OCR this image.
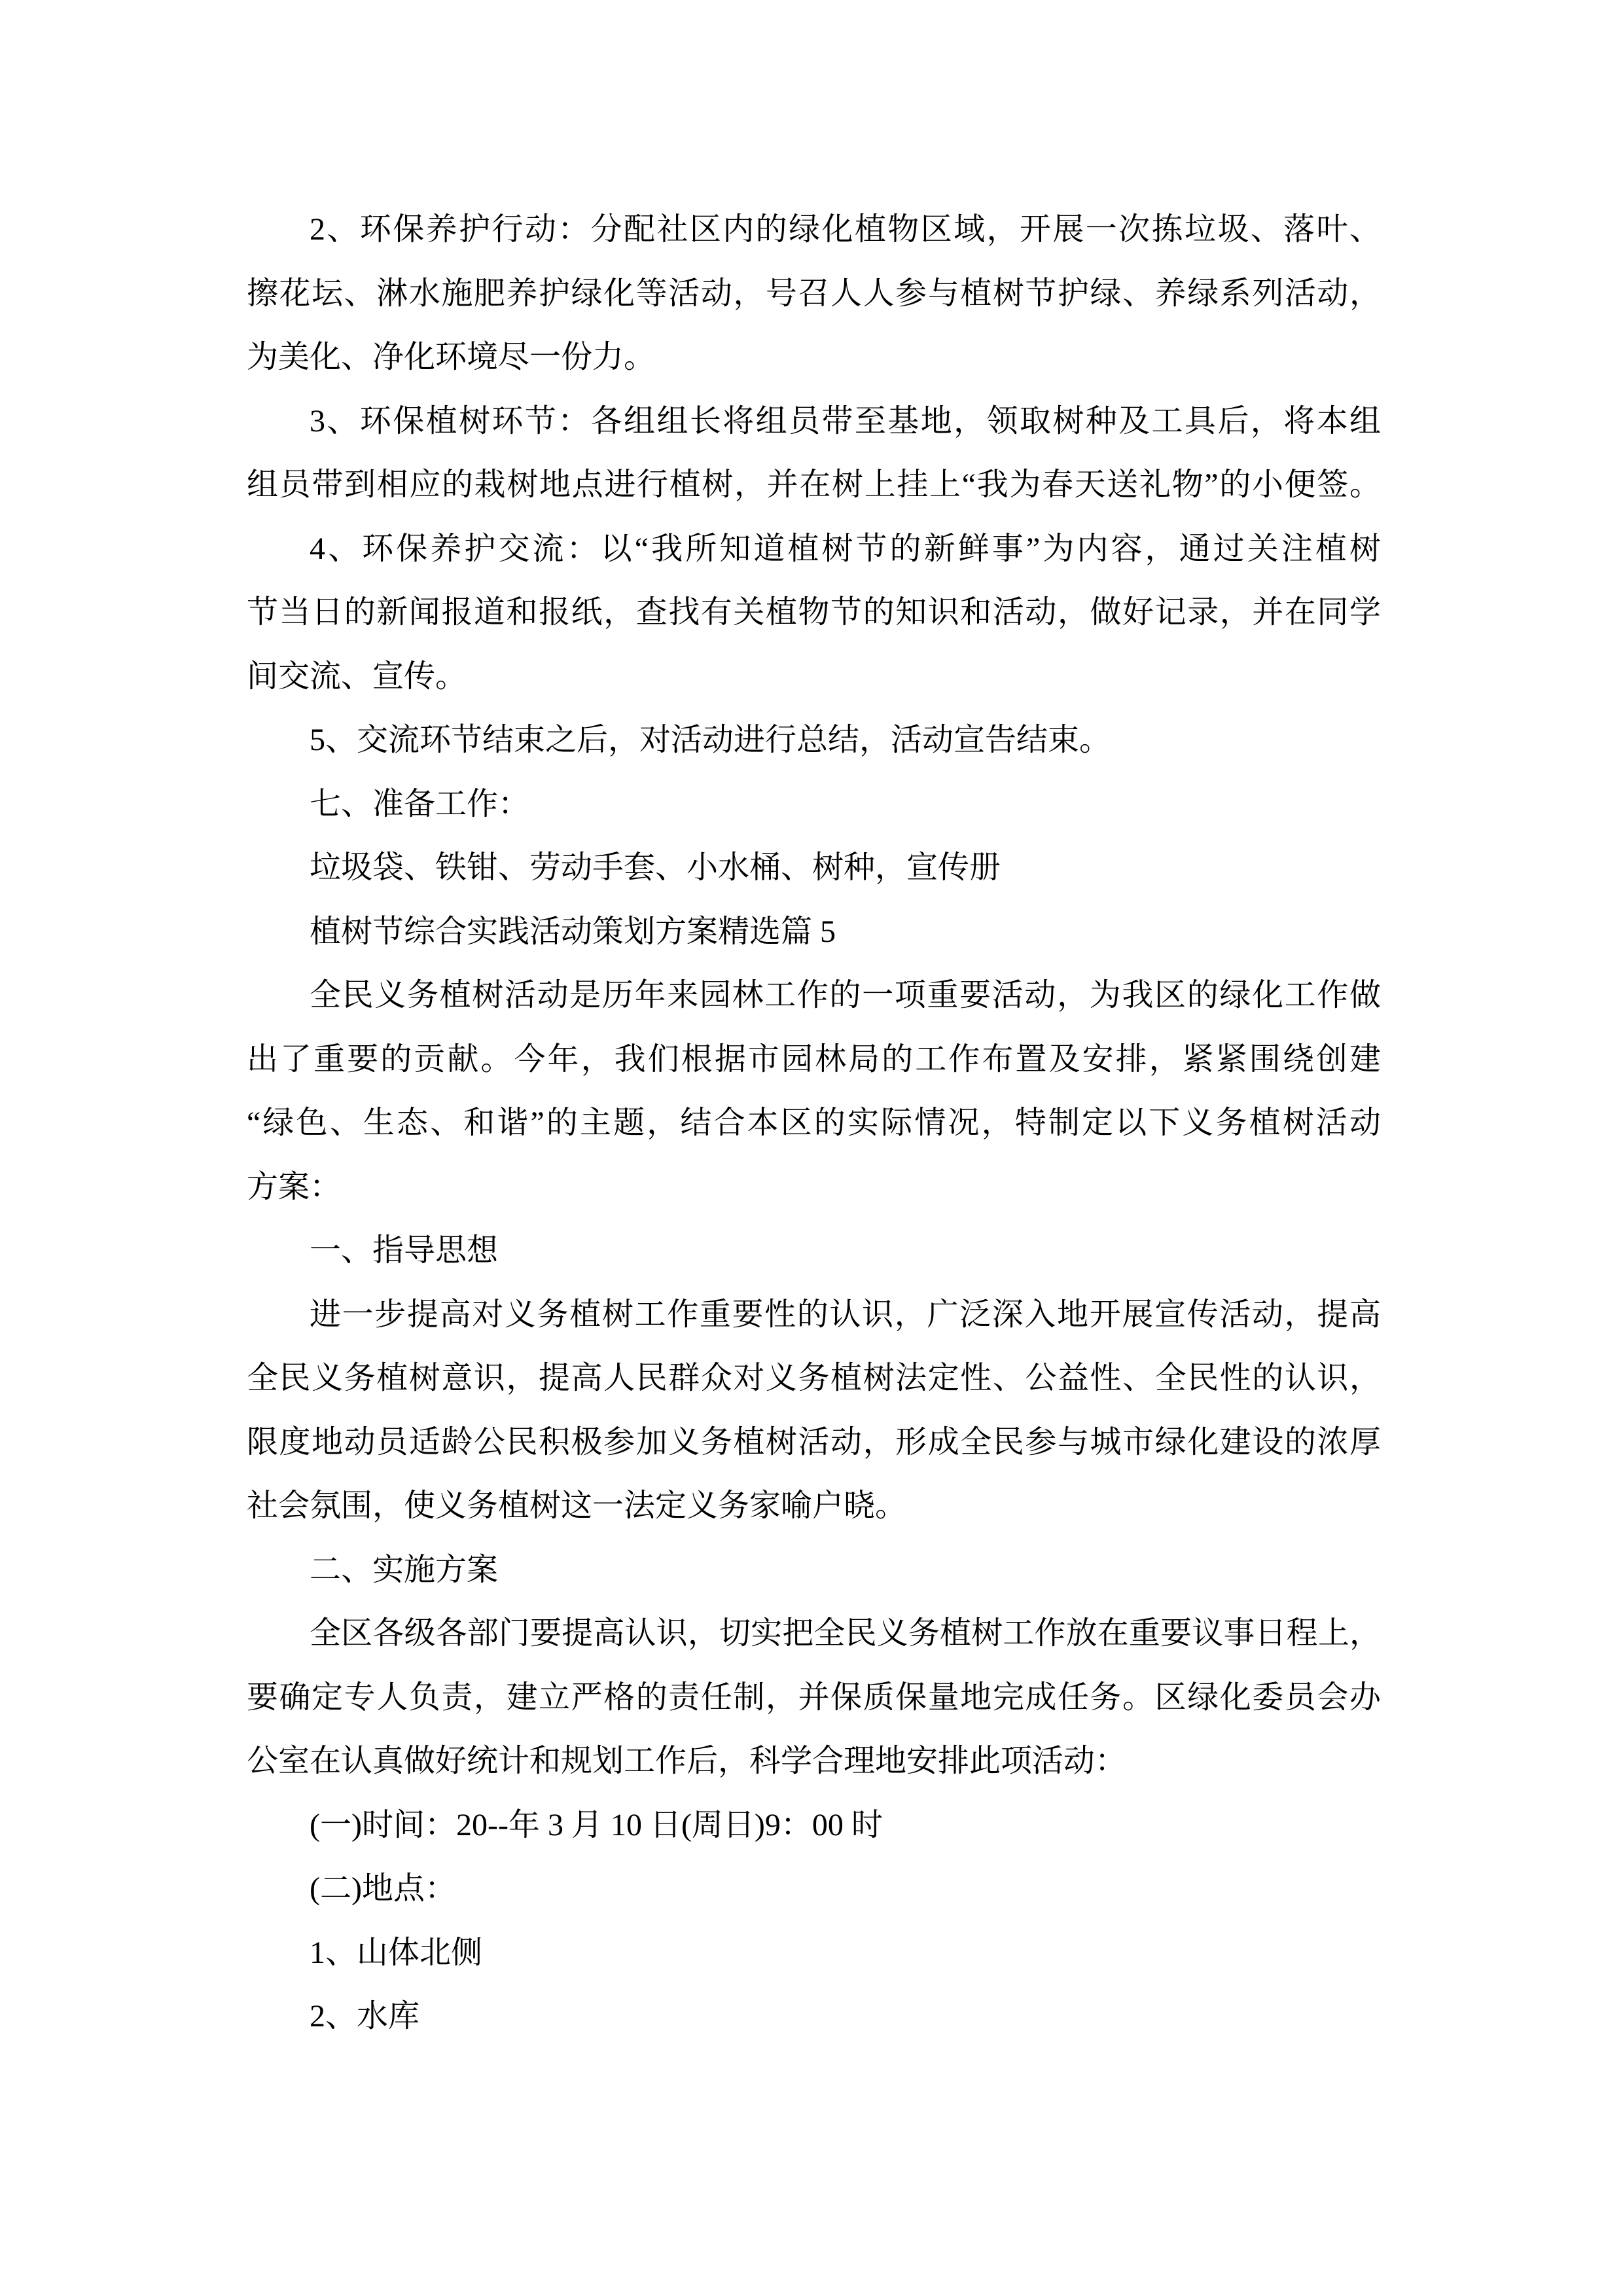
2、环保养护行动：分配社区内的绿化植物区域，开展一次拣垃圾、落叶、
擦花坛、淋水施肥养护绿化等活动，号召人人参与植树节护绿、养绿系列活动，
为美化、净化环境尽一份力。
3、环保植树环节：各组组长将组员带至基地，领取树种及工具后，将本组
组员带到相应的栽树地点进行植树，并在树上挂上“我为春天送礼物”的小便签。
4、环保养护交流：以“我所知道植树节的新鲜事”为内容，通过关注植树
节当日的新闻报道和报纸，查找有关植物节的知识和活动，做好记录，并在同学
间交流、宣传。
5、交流环节结束之后，对活动进行总结，活动宣告结束。
七、准备工作：
垃圾袋、铁钳、劳动手套、小水桶、树种，宣传册
植树节综合实践活动策划方案精选篇 5
全民义务植树活动是历年来园林工作的一项重要活动，为我区的绿化工作做
出了重要的贡献。今年，我们根据市园林局的工作布置及安排，紧紧围绕创建
“绿色、生态、和谐”的主题，结合本区的实际情况，特制定以下义务植树活动
方案：
一、指导思想
进一步提高对义务植树工作重要性的认识，广泛深入地开展宣传活动，提高
全民义务植树意识，提高人民群众对义务植树法定性、公益性、全民性的认识，
限度地动员适龄公民积极参加义务植树活动，形成全民参与城市绿化建设的浓厚
社会氛围，使义务植树这一法定义务家喻户晓。
二、实施方案
全区各级各部门要提高认识，切实把全民义务植树工作放在重要议事日程上，
要确定专人负责，建立严格的责任制，并保质保量地完成任务。区绿化委员会办
公室在认真做好统计和规划工作后，科学合理地安排此项活动：
(一)时间：20--年 3 月 10 日(周日)9：00 时
(二)地点：
1、山体北侧
2、水库
